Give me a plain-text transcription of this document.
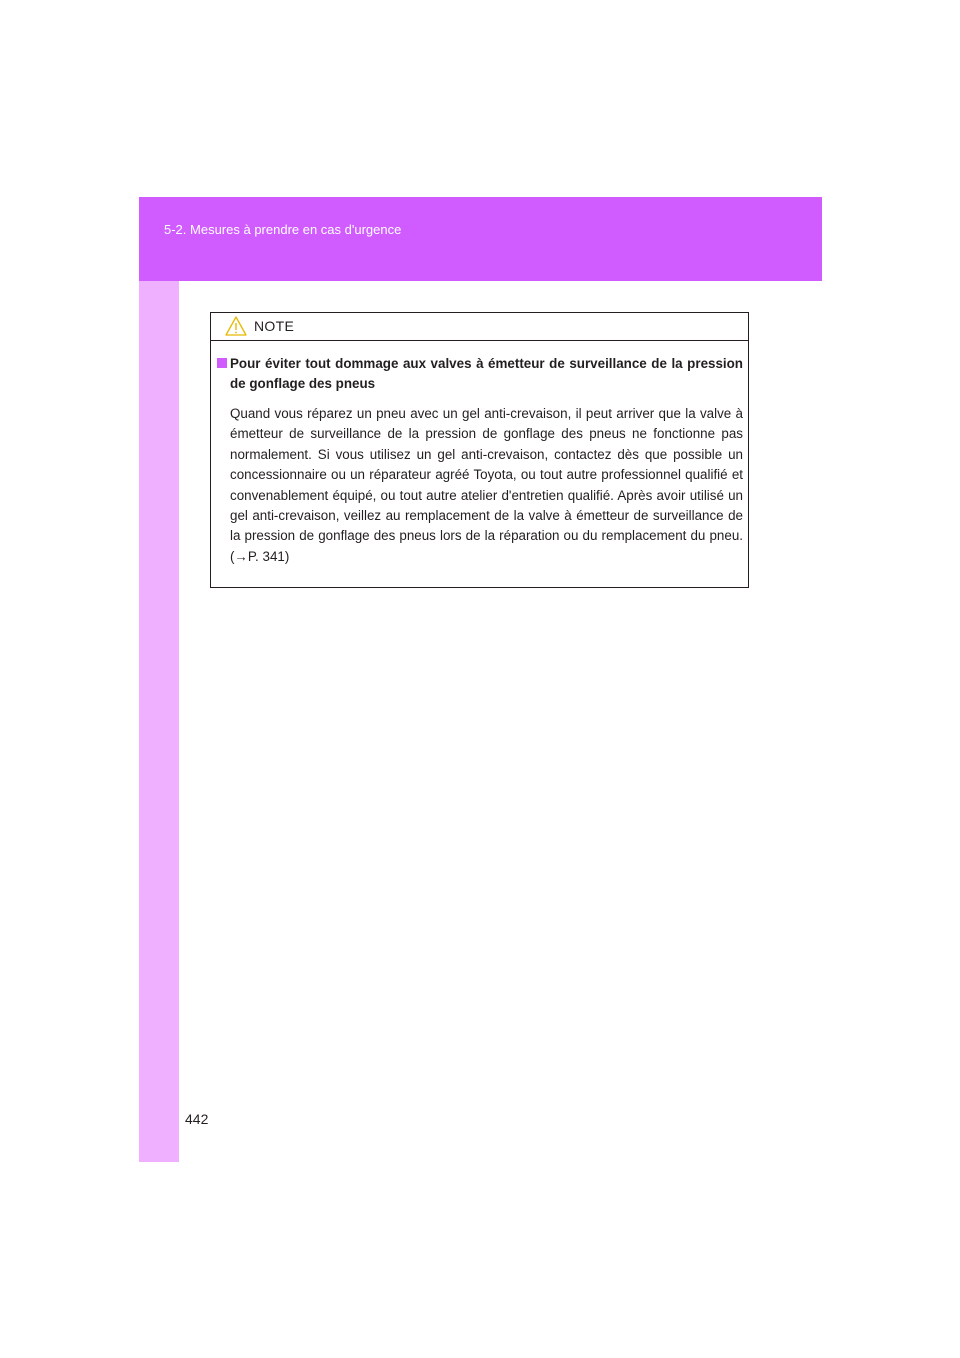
5-2. Mesures à prendre en cas d'urgence
NOTE
Pour éviter tout dommage aux valves à émetteur de surveillance de la pression de gonflage des pneus
Quand vous réparez un pneu avec un gel anti-crevaison, il peut arriver que la valve à émetteur de surveillance de la pression de gonflage des pneus ne fonctionne pas normalement. Si vous utilisez un gel anti-crevaison, contactez dès que possible un concessionnaire ou un réparateur agréé Toyota, ou tout autre professionnel qualifié et convenablement équipé, ou tout autre atelier d'entretien qualifié. Après avoir utilisé un gel anti-crevaison, veillez au remplacement de la valve à émetteur de surveillance de la pression de gonflage des pneus lors de la réparation ou du remplacement du pneu. (→P. 341)
442
